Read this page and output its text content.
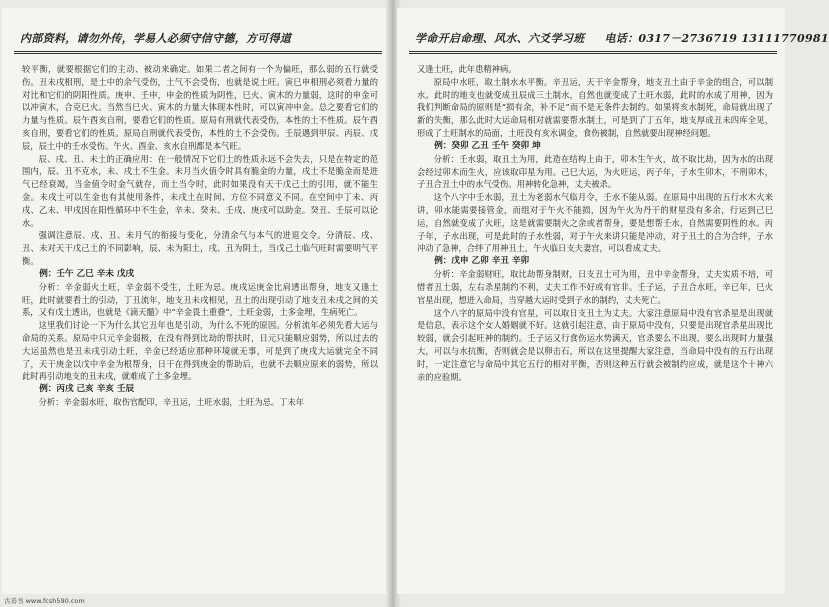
内部资料，请勿外传，学易人必须守信守德，方可得道

较平衡，就要根据它们的主动、被动来确定。如果二者之间有一个为偏旺，那么弱的五行就受伤。丑未戌相刑，是土中的余气受伤，土气不会受伤，也就是说土旺。寅巳申相刑必须看力量的对比和它们的阴阳性质。庚申、壬申，申金的性质为阴性，巳火、寅木的力量弱，这时的申金可以冲寅木，合克巳火。当然当巳火、寅木的力量大体现本性时，可以寅冲申金。总之要看它们的力量与性质。辰午酉亥自刑，要看它们的性质。原局有刑就代表受伤，本性的土不性质。辰午酉亥自刑，要看它们的性质。原局自刑就代表受伤，本性的土不会受伤。壬辰遇到甲辰、丙辰、戊辰，辰土中的壬水受伤。午火、酉金、亥水自刑都是本气旺。

辰、戌、丑、未土的正确应用：在一般情况下它们土的性质永远不会失去，只是在特定的范围内，辰、丑不克水，未、戌土不生金。未月当火值令时具有脆金的力量，戌土不是脆金而是进气已经衰竭，当金值令时金气就存，而土当令时，此时如果没有天干戊己土的引用，就不能生金。未戌土可以生金也有其使用条件，未戌土在时间、方位不同意义不同。在空间中丁未、丙戌、乙未、甲戌因在阳性循环中不生金，辛未、癸未、壬戌、庚戌可以助金。癸丑、壬辰可以论水。

强调注意辰、戌、丑、未月气的衔接与变化，分清余气与本气的进退交令。分清辰、戌、丑、未对天干戊己土的不同影响，辰、未为阳土，戌、丑为阴土，当戊己土临气旺时需要明气平衡。

例：壬午 乙巳 辛未 戊戌

分析：辛金弱火土旺，辛金弱不受生，土旺为忌。庚戌运庚金比肩透出帮身，地支又逢土旺，此时就要看土的引动，丁丑流年，地支丑未戌相见，丑土的出现引动了地支丑未戌之间的关系，又有戊土透出，也就是《滴天髓》中“辛金畏土重叠”，土旺金弱，土多金埋，生病死亡。

这里我们讨论一下为什么其它丑年也是引动，为什么不死的原因。分析流年必须先看大运与命局的关系。原局中只元辛金弱极，在没有得到比劫的帮扶时，日元只能顺应弱势，所以过去的大运虽然也是丑未戌引动土旺，辛金已经适应那种环境就无事，可是到了庚戌大运就完全不同了，天干庚金以戊中辛金为根帮身，日干在得到庚金的帮助后，也就不去顺应原来的弱势，所以此时再引动地支的丑未戌，就难成了土多金埋。

例：丙戌 己亥 辛亥 壬辰

分析：辛金弱水旺，取伤官配印，辛丑运，土旺水弱，土旺为忌。丁未年

学命开启命理、风水、六爻学习班 电话：0317－2736719 13111770981

又逢土旺，此年患精神病。

原局中水旺，取土制水水平衡。辛丑运，天干辛金帮身，地支丑土由于辛金的组合，可以制水。此时的地支也就变成丑辰成三土制水，自然也就变成了土旺水弱，此时的水成了用神，因为我们判断命局的原则是“损有余，补不足”而不是无条件去制约。如果将亥水制死，命局就出现了新的失衡，那么此时大运命局相对就需要帮水制土，可是到了丁五年，地支厚成丑未四库全见，形成了土旺制水的局面，土旺没有亥水调金，食伤被制，自然就要出现神经问题。

例：癸卯 乙丑 壬午 癸卯 坤

分析：壬水弱，取丑土为用，此造在结构上由于，卯木生午火，故不取比劫，因为水的出现会经过卯木而生火，应该取印星为用。己巳大运，为火旺运，丙子年，子水生卯木，不刑卯木，子丑合丑土中的水气受伤。用神转化急神，丈夫被杀。

这个八字中壬水弱，丑土为老弱水气临月令，壬水不能从弱。在原局中出现的五行水木火来讲，卯水能需要接管金，而组对于午火不能损，因为午火为丹干的财星没有多余，行运到己巳运，自然就变成了火旺，这是就需要制火之余或者帮身，要是想帮壬水，自然需要阴性的水。丙子年，子水出现，可是此时的子水性弱，对于午火来讲只能是冲动，对于丑土的合为合绊，子水冲动了急神，合绊了用神丑土，午火临日支夫妻宫，可以看成丈夫。

例：戊申 乙卯 辛丑 辛卯

分析：辛金弱财旺，取比劫帮身制财，日支丑土可为用，丑中辛金帮身，丈夫实质不培，可惜者丑土弱，左右杀星制约不利，丈夫工作不好或有官非。壬子运，子丑合水旺，辛已年，巳火官星出现，想进入命局，当穿越大运时受到子水的制约，丈夫死亡。

这个八字的原局中没有官星，可以取日支丑土为丈夫。大家注意原局中没有官杀星是出现就是信息，表示这个女人婚姻就不好。这就引起注意，由于原局中没有，只要是出现官杀星出现比较弱，就会引起旺神的制约。壬子运又行食伤运水势满天，官杀要么不出现，要么出现时力量强大，可以与水抗衡，否则就会是以卵击石，所以在这里提醒大家注意，当命局中没有的五行出现时，一定注意它与命局中其它五行的相对平衡，否则这种五行就会被制约应成，就是这个十神六亲的应验期。

古善书 www.fcsh590.com
